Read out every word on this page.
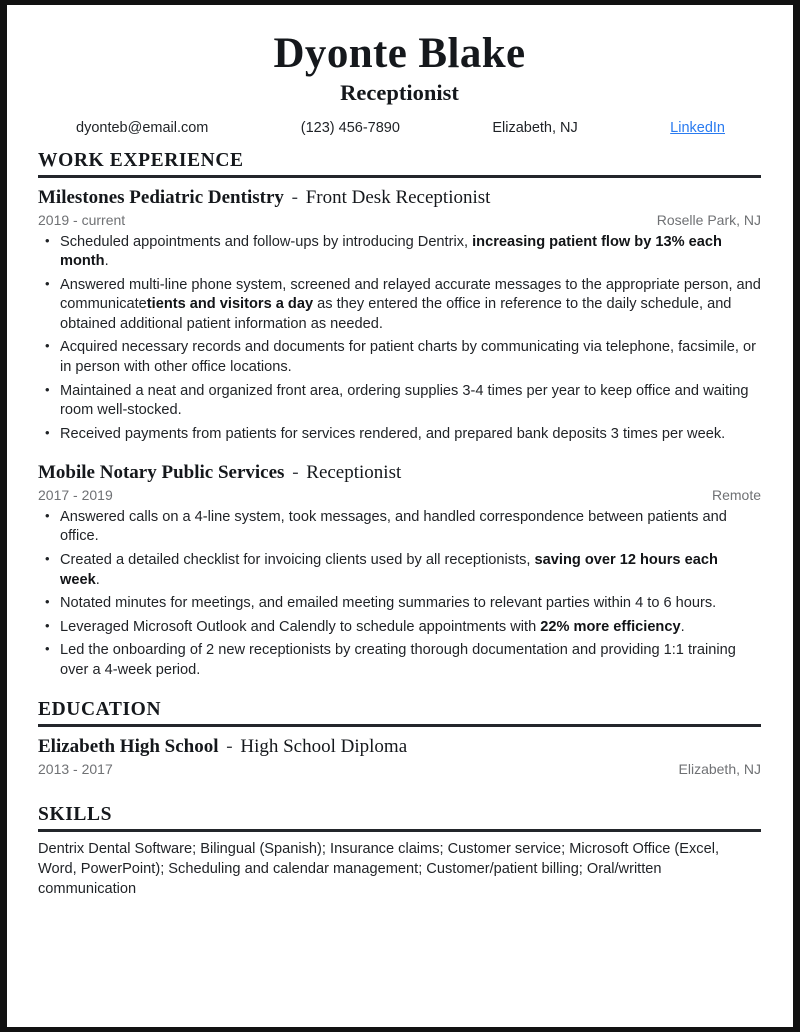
Dyonte Blake
Receptionist
dyonteb@email.com	(123) 456-7890	Elizabeth, NJ	LinkedIn
WORK EXPERIENCE
Milestones Pediatric Dentistry - Front Desk Receptionist
2019 - current	Roselle Park, NJ
• Scheduled appointments and follow-ups by introducing Dentrix, increasing patient flow by 13% each month.
• Answered multi-line phone system, screened and relayed accurate messages to the appropriate person, and communicatetients and visitors a day as they entered the office in reference to the daily schedule, and obtained additional patient information as needed.
• Acquired necessary records and documents for patient charts by communicating via telephone, facsimile, or in person with other office locations.
• Maintained a neat and organized front area, ordering supplies 3-4 times per year to keep office and waiting room well-stocked.
• Received payments from patients for services rendered, and prepared bank deposits 3 times per week.
Mobile Notary Public Services - Receptionist
2017 - 2019	Remote
• Answered calls on a 4-line system, took messages, and handled correspondence between patients and office.
• Created a detailed checklist for invoicing clients used by all receptionists, saving over 12 hours each week.
• Notated minutes for meetings, and emailed meeting summaries to relevant parties within 4 to 6 hours.
• Leveraged Microsoft Outlook and Calendly to schedule appointments with 22% more efficiency.
• Led the onboarding of 2 new receptionists by creating thorough documentation and providing 1:1 training over a 4-week period.
EDUCATION
Elizabeth High School - High School Diploma
2013 - 2017	Elizabeth, NJ
SKILLS
Dentrix Dental Software; Bilingual (Spanish); Insurance claims; Customer service; Microsoft Office (Excel, Word, PowerPoint); Scheduling and calendar management; Customer/patient billing; Oral/written communication
